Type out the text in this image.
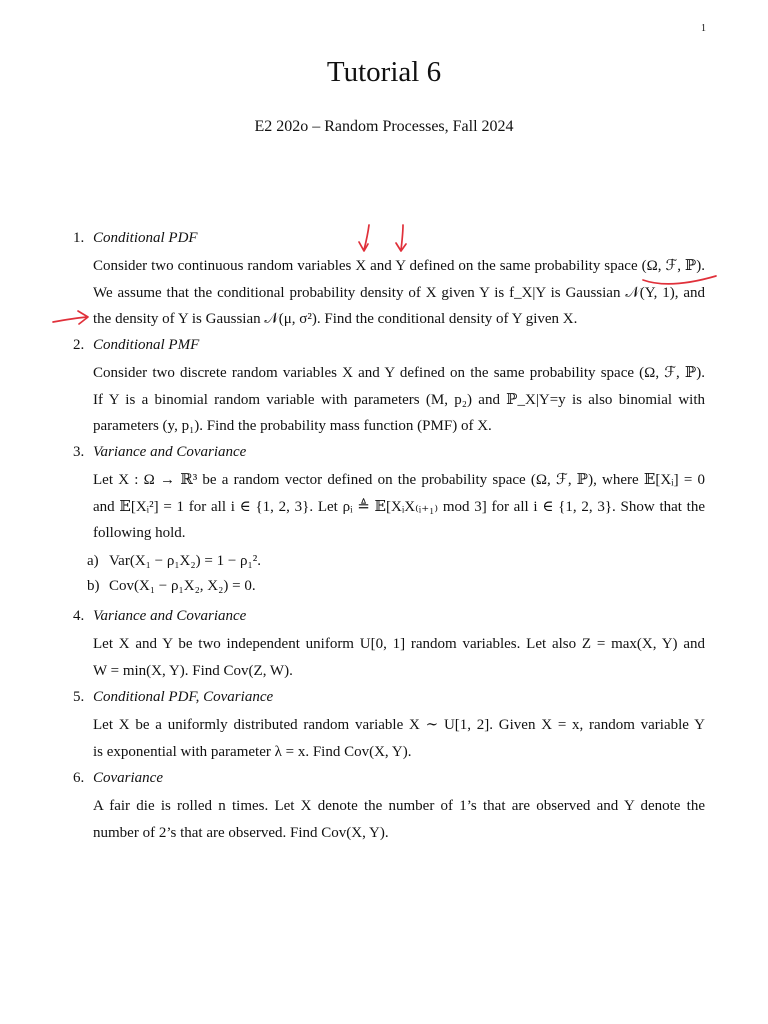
1
Tutorial 6
E2 202o – Random Processes, Fall 2024
1. Conditional PDF
Consider two continuous random variables X and Y defined on the same probability space (Ω, ℱ, ℙ).
We assume that the conditional probability density of X given Y is f_X|Y is Gaussian 𝒩(Y, 1), and
the density of Y is Gaussian 𝒩(μ, σ²). Find the conditional density of Y given X.
2. Conditional PMF
Consider two discrete random variables X and Y defined on the same probability space (Ω, ℱ, ℙ).
If Y is a binomial random variable with parameters (M, p₂) and ℙ_X|Y=y is also binomial with
parameters (y, p₁). Find the probability mass function (PMF) of X.
3. Variance and Covariance
Let X : Ω → ℝ³ be a random vector defined on the probability space (Ω, ℱ, ℙ), where 𝔼[Xᵢ] = 0
and 𝔼[Xᵢ²] = 1 for all i ∈ {1, 2, 3}. Let ρᵢ ≜ 𝔼[XᵢX₍ᵢ₊₁₎ mod 3] for all i ∈ {1, 2, 3}. Show that the
following hold.
a) Var(X₁ − ρ₁X₂) = 1 − ρ₁².
b) Cov(X₁ − ρ₁X₂, X₂) = 0.
4. Variance and Covariance
Let X and Y be two independent uniform U[0, 1] random variables. Let also Z = max(X, Y) and
W = min(X, Y). Find Cov(Z, W).
5. Conditional PDF, Covariance
Let X be a uniformly distributed random variable X ∼ U[1, 2]. Given X = x, random variable Y
is exponential with parameter λ = x. Find Cov(X, Y).
6. Covariance
A fair die is rolled n times. Let X denote the number of 1’s that are observed and Y denote the
number of 2’s that are observed. Find Cov(X, Y).
